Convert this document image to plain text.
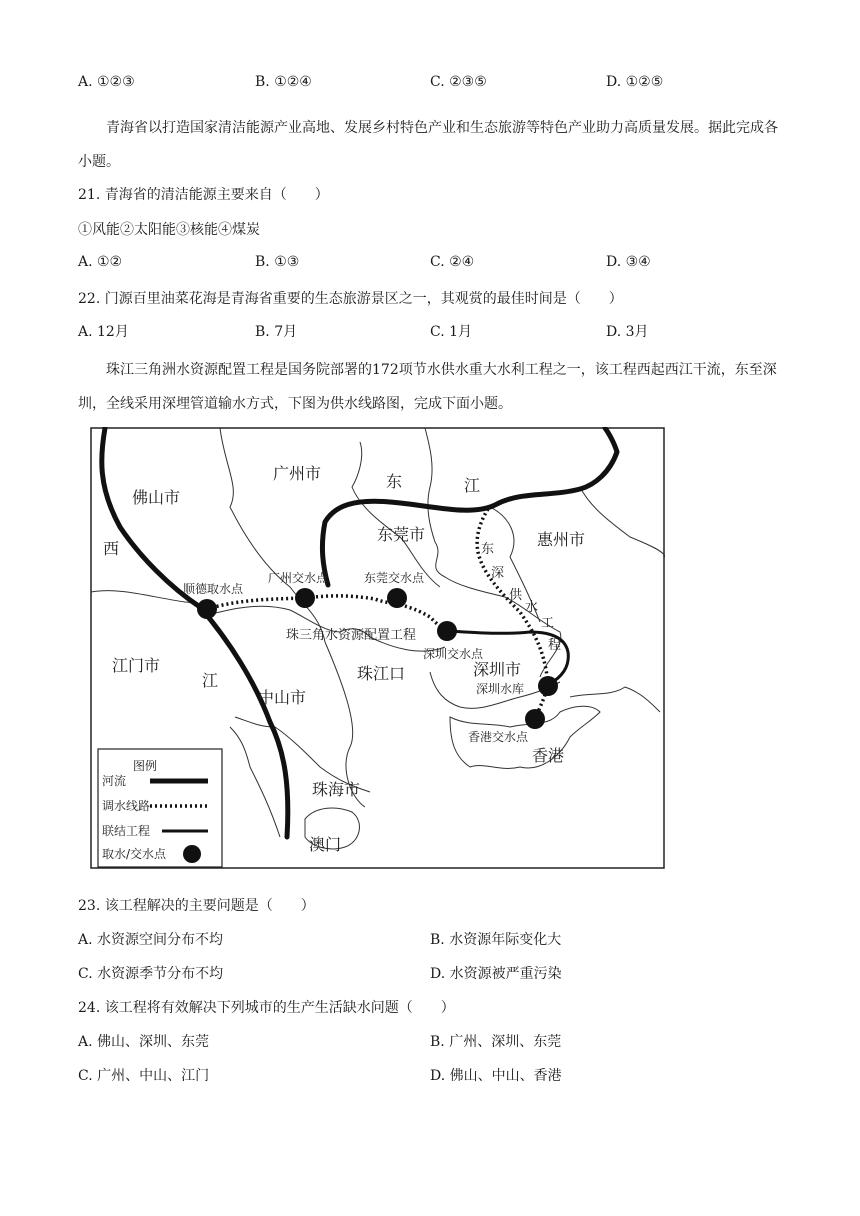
A. ①②③	B. ①②④	C. ②③⑤	D. ①②⑤
青海省以打造国家清洁能源产业高地、发展乡村特色产业和生态旅游等特色产业助力高质量发展。据此完成各小题。
21. 青海省的清洁能源主要来自（　　）
①风能②太阳能③核能④煤炭
A. ①②	B. ①③	C. ②④	D. ③④
22. 门源百里油菜花海是青海省重要的生态旅游景区之一，其观赏的最佳时间是（　　）
A. 12月	B. 7月	C. 1月	D. 3月
珠江三角洲水资源配置工程是国务院部署的172项节水供水重大水利工程之一，该工程西起西江干流，东至深圳，全线采用深埋管道输水方式，下图为供水线路图，完成下面小题。
佛山市
广州市
东莞市	惠州市
江门市
中山市
深圳市
珠海市
澳门
香港
西
江
东	江
珠江口
顺德取水点
广州交水点	东莞交水点
珠三角水资源配置工程
深圳交水点
深圳水库
香港交水点
东
深
供
水
工
程
图例
河流
调水线路
联结工程
取水/交水点
23. 该工程解决的主要问题是（　　）
A. 水资源空间分布不均	B. 水资源年际变化大
C. 水资源季节分布不均	D. 水资源被严重污染
24. 该工程将有效解决下列城市的生产生活缺水问题（　　）
A. 佛山、深圳、东莞	B. 广州、深圳、东莞
C. 广州、中山、江门	D. 佛山、中山、香港
